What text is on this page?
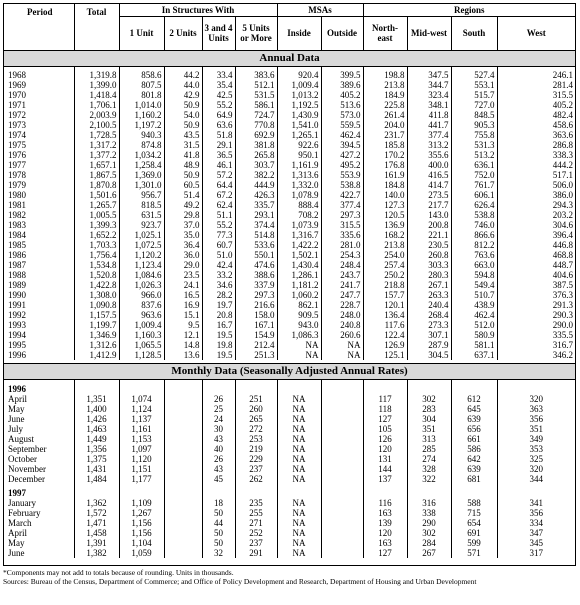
Period	Total	In Structures With				MSAs		Regions			
		1 Unit	2 Units	3 and 4 Units	5 Units or More	Inside	Outside	North-east	Mid-west	South	West
Annual Data											
1968	1,319.8	858.6	44.2	33.4	383.6	920.4	399.5	198.8	347.5	527.4	246.1
1969	1,399.0	807.5	44.0	35.4	512.1	1,009.4	389.6	213.8	344.7	553.1	281.4
1970	1,418.4	801.8	42.9	42.5	531.5	1,013.2	405.2	184.9	323.4	515.7	315.5
1971	1,706.1	1,014.0	50.9	55.2	586.1	1,192.5	513.6	225.8	348.1	727.0	405.2
1972	2,003.9	1,160.2	54.0	64.9	724.7	1,430.9	573.0	261.4	411.8	848.5	482.4
1973	2,100.5	1,197.2	50.9	63.6	770.8	1,541.0	559.5	204.0	441.7	905.3	458.6
1974	1,728.5	940.3	43.5	51.8	692.9	1,265.1	462.4	231.7	377.4	755.8	363.6
1975	1,317.2	874.8	31.5	29.1	381.8	922.6	394.5	185.8	313.2	531.3	286.8
1976	1,377.2	1,034.2	41.8	36.5	265.8	950.1	427.2	170.2	355.6	513.2	338.3
1977	1,657.1	1,258.4	48.9	46.1	303.7	1,161.9	495.2	176.8	400.0	636.1	444.2
1978	1,867.5	1,369.0	50.9	57.2	382.2	1,313.6	553.9	161.9	416.5	752.0	517.1
1979	1,870.8	1,301.0	60.5	64.4	444.9	1,332.0	538.8	184.8	414.7	761.7	506.0
1980	1,501.6	956.7	51.4	67.2	426.3	1,078.9	422.7	140.0	273.5	606.1	386.0
1981	1,265.7	818.5	49.2	62.4	335.7	888.4	377.4	127.3	217.7	626.4	294.3
1982	1,005.5	631.5	29.8	51.1	293.1	708.2	297.3	120.5	143.0	538.8	203.2
1983	1,399.3	923.7	37.0	55.2	374.4	1,073.9	315.5	136.9	200.8	746.0	304.6
1984	1,652.2	1,025.1	35.0	77.3	514.8	1,316.7	335.6	168.2	221.1	866.6	396.4
1985	1,703.3	1,072.5	36.4	60.7	533.6	1,422.2	281.0	213.8	230.5	812.2	446.8
1986	1,756.4	1,120.2	36.0	51.0	550.1	1,502.1	254.3	254.0	260.8	763.6	468.8
1987	1,534.8	1,123.4	29.0	42.4	474.6	1,430.4	248.4	257.4	303.3	663.0	448.7
1988	1,520.8	1,084.6	23.5	33.2	388.6	1,286.1	243.7	250.2	280.3	594.8	404.6
1989	1,422.8	1,026.3	24.1	34.6	337.9	1,181.2	241.7	218.8	267.1	549.4	387.5
1990	1,308.0	966.0	16.5	28.2	297.3	1,060.2	247.7	157.7	263.3	510.7	376.3
1991	1,090.8	837.6	16.9	19.7	216.6	862.1	228.7	120.1	240.4	438.9	291.3
1992	1,157.5	963.6	15.1	20.8	158.0	909.5	248.0	136.4	268.4	462.4	290.3
1993	1,199.7	1,009.4	9.5	16.7	167.1	943.0	240.8	117.6	273.3	512.0	290.0
1994	1,346.9	1,160.3	12.1	19.5	154.9	1,086.3	260.6	122.4	307.1	580.9	335.5
1995	1,312.6	1,065.5	14.8	19.8	212.4	NA	NA	126.9	287.9	581.1	316.7
1996	1,412.9	1,128.5	13.6	19.5	251.3	NA	NA	125.1	304.5	637.1	346.2

Monthly Data (Seasonally Adjusted Annual Rates)											
1996											
April	1,351	1,074		26	251	NA		117	302	612	320
May	1,400	1,124		25	260	NA		118	283	645	363
June	1,426	1,137		24	265	NA		127	304	639	356
July	1,463	1,161		30	272	NA		105	351	656	351
August	1,449	1,153		43	253	NA		126	313	661	349
September	1,356	1,097		40	219	NA		120	285	586	353
October	1,375	1,120		26	229	NA		131	274	642	325
November	1,431	1,151		43	237	NA		144	328	639	320
December	1,484	1,177		45	262	NA		137	322	681	344
1997											
January	1,362	1,109		18	235	NA		116	316	588	341
February	1,572	1,267		50	255	NA		163	338	715	356
March	1,471	1,156		44	271	NA		139	290	654	334
April	1,458	1,156		50	252	NA		120	302	691	347
May	1,391	1,104		50	237	NA		163	284	599	345
June	1,382	1,059		32	291	NA		127	267	571	317
*Components may not add to totals because of rounding. Units in thousands.
Sources: Bureau of the Census, Department of Commerce; and Office of Policy Development and Research, Department of Housing and Urban Development
